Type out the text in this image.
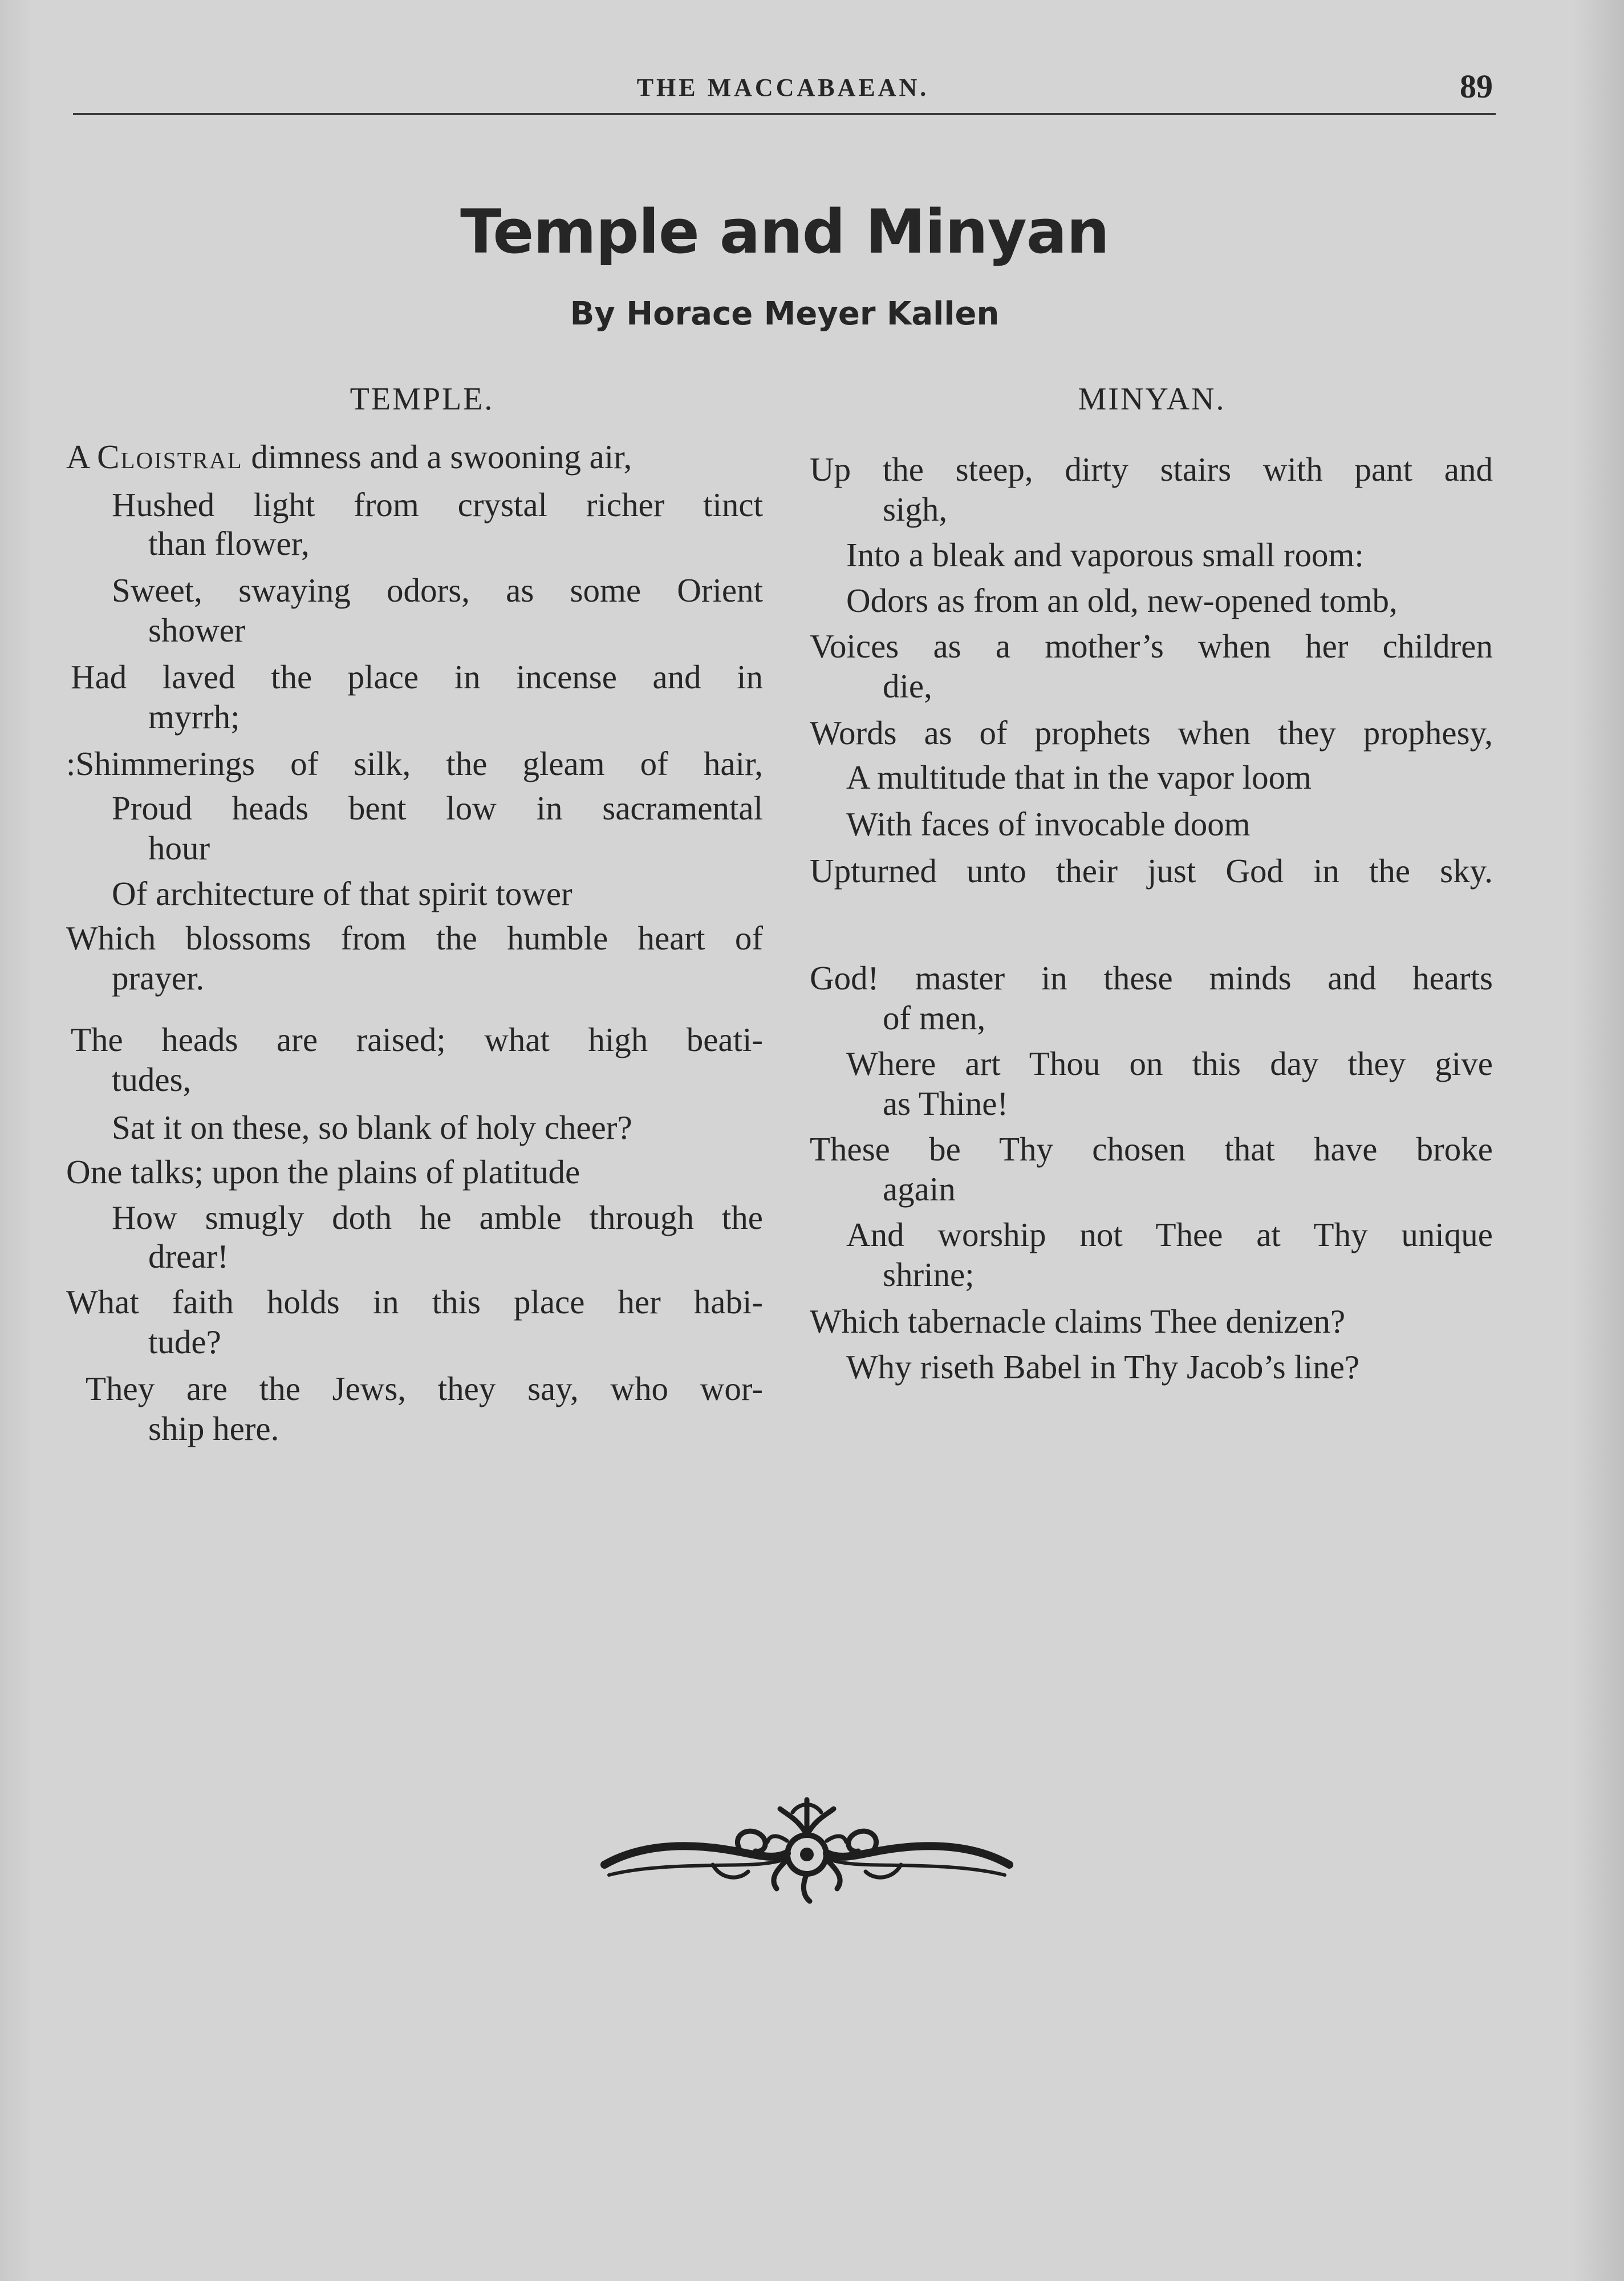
THE MACCABAEAN.	89
Temple and Minyan
By Horace Meyer Kallen
TEMPLE.
A Cloistral dimness and a swooning air,
Hushed light from crystal richer tinct
than flower,
Sweet, swaying odors, as some Orient
shower
Had laved the place in incense and in
myrrh;
:Shimmerings of silk, the gleam of hair,
Proud heads bent low in sacramental
hour
Of architecture of that spirit tower
Which blossoms from the humble heart of
prayer.
The heads are raised; what high beati-
tudes,
Sat it on these, so blank of holy cheer?
One talks; upon the plains of platitude
How smugly doth he amble through the
drear!
What faith holds in this place her habi-
tude?
They are the Jews, they say, who wor-
ship here.
MINYAN.
Up the steep, dirty stairs with pant and
sigh,
Into a bleak and vaporous small room:
Odors as from an old, new-opened tomb,
Voices as a mother’s when her children
die,
Words as of prophets when they prophesy,
A multitude that in the vapor loom
With faces of invocable doom
Upturned unto their just God in the sky.
God! master in these minds and hearts
of men,
Where art Thou on this day they give
as Thine!
These be Thy chosen that have broke
again
And worship not Thee at Thy unique
shrine;
Which tabernacle claims Thee denizen?
Why riseth Babel in Thy Jacob’s line?
